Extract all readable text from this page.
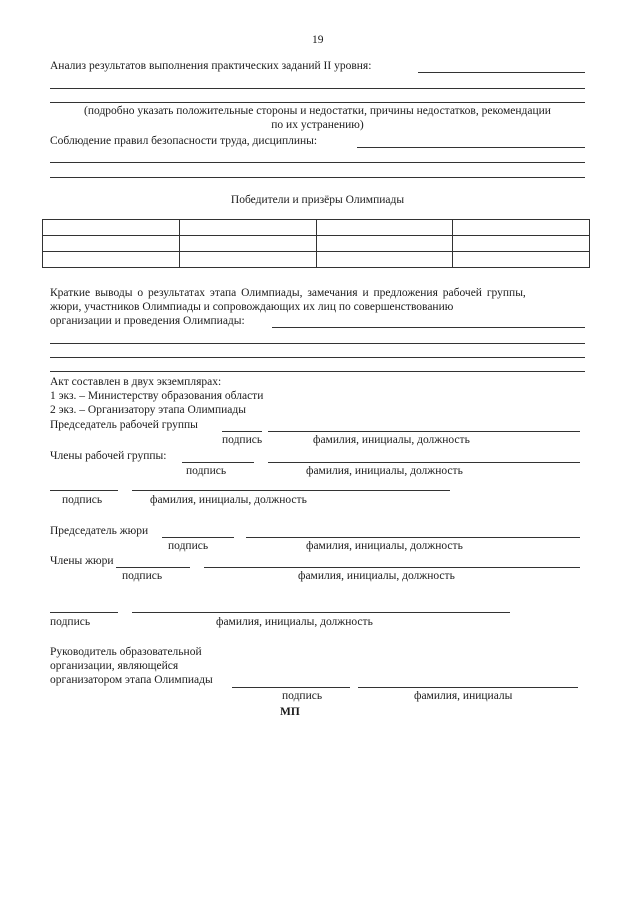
19
Анализ результатов выполнения практических заданий II уровня:
(подробно указать положительные стороны и недостатки, причины недостатков, рекомендации
по их устранению)
Соблюдение правил безопасности труда, дисциплины:
Победители и призёры Олимпиады

Краткие выводы о результатах этапа Олимпиады, замечания и предложения рабочей группы,
жюри, участников Олимпиады и сопровождающих их лиц по совершенствованию
организации и проведения Олимпиады:
Акт составлен в двух экземплярах:
1 экз. – Министерству образования области
2 экз. – Организатору этапа Олимпиады
Председатель рабочей группы
подпись	фамилия, инициалы, должность
Члены рабочей группы:
подпись	фамилия, инициалы, должность
подпись	фамилия, инициалы, должность
Председатель жюри
подпись	фамилия, инициалы, должность
Члены жюри
подпись	фамилия, инициалы, должность
подпись	фамилия, инициалы, должность
Руководитель образовательной
организации, являющейся
организатором этапа Олимпиады
подпись	фамилия, инициалы
МП
